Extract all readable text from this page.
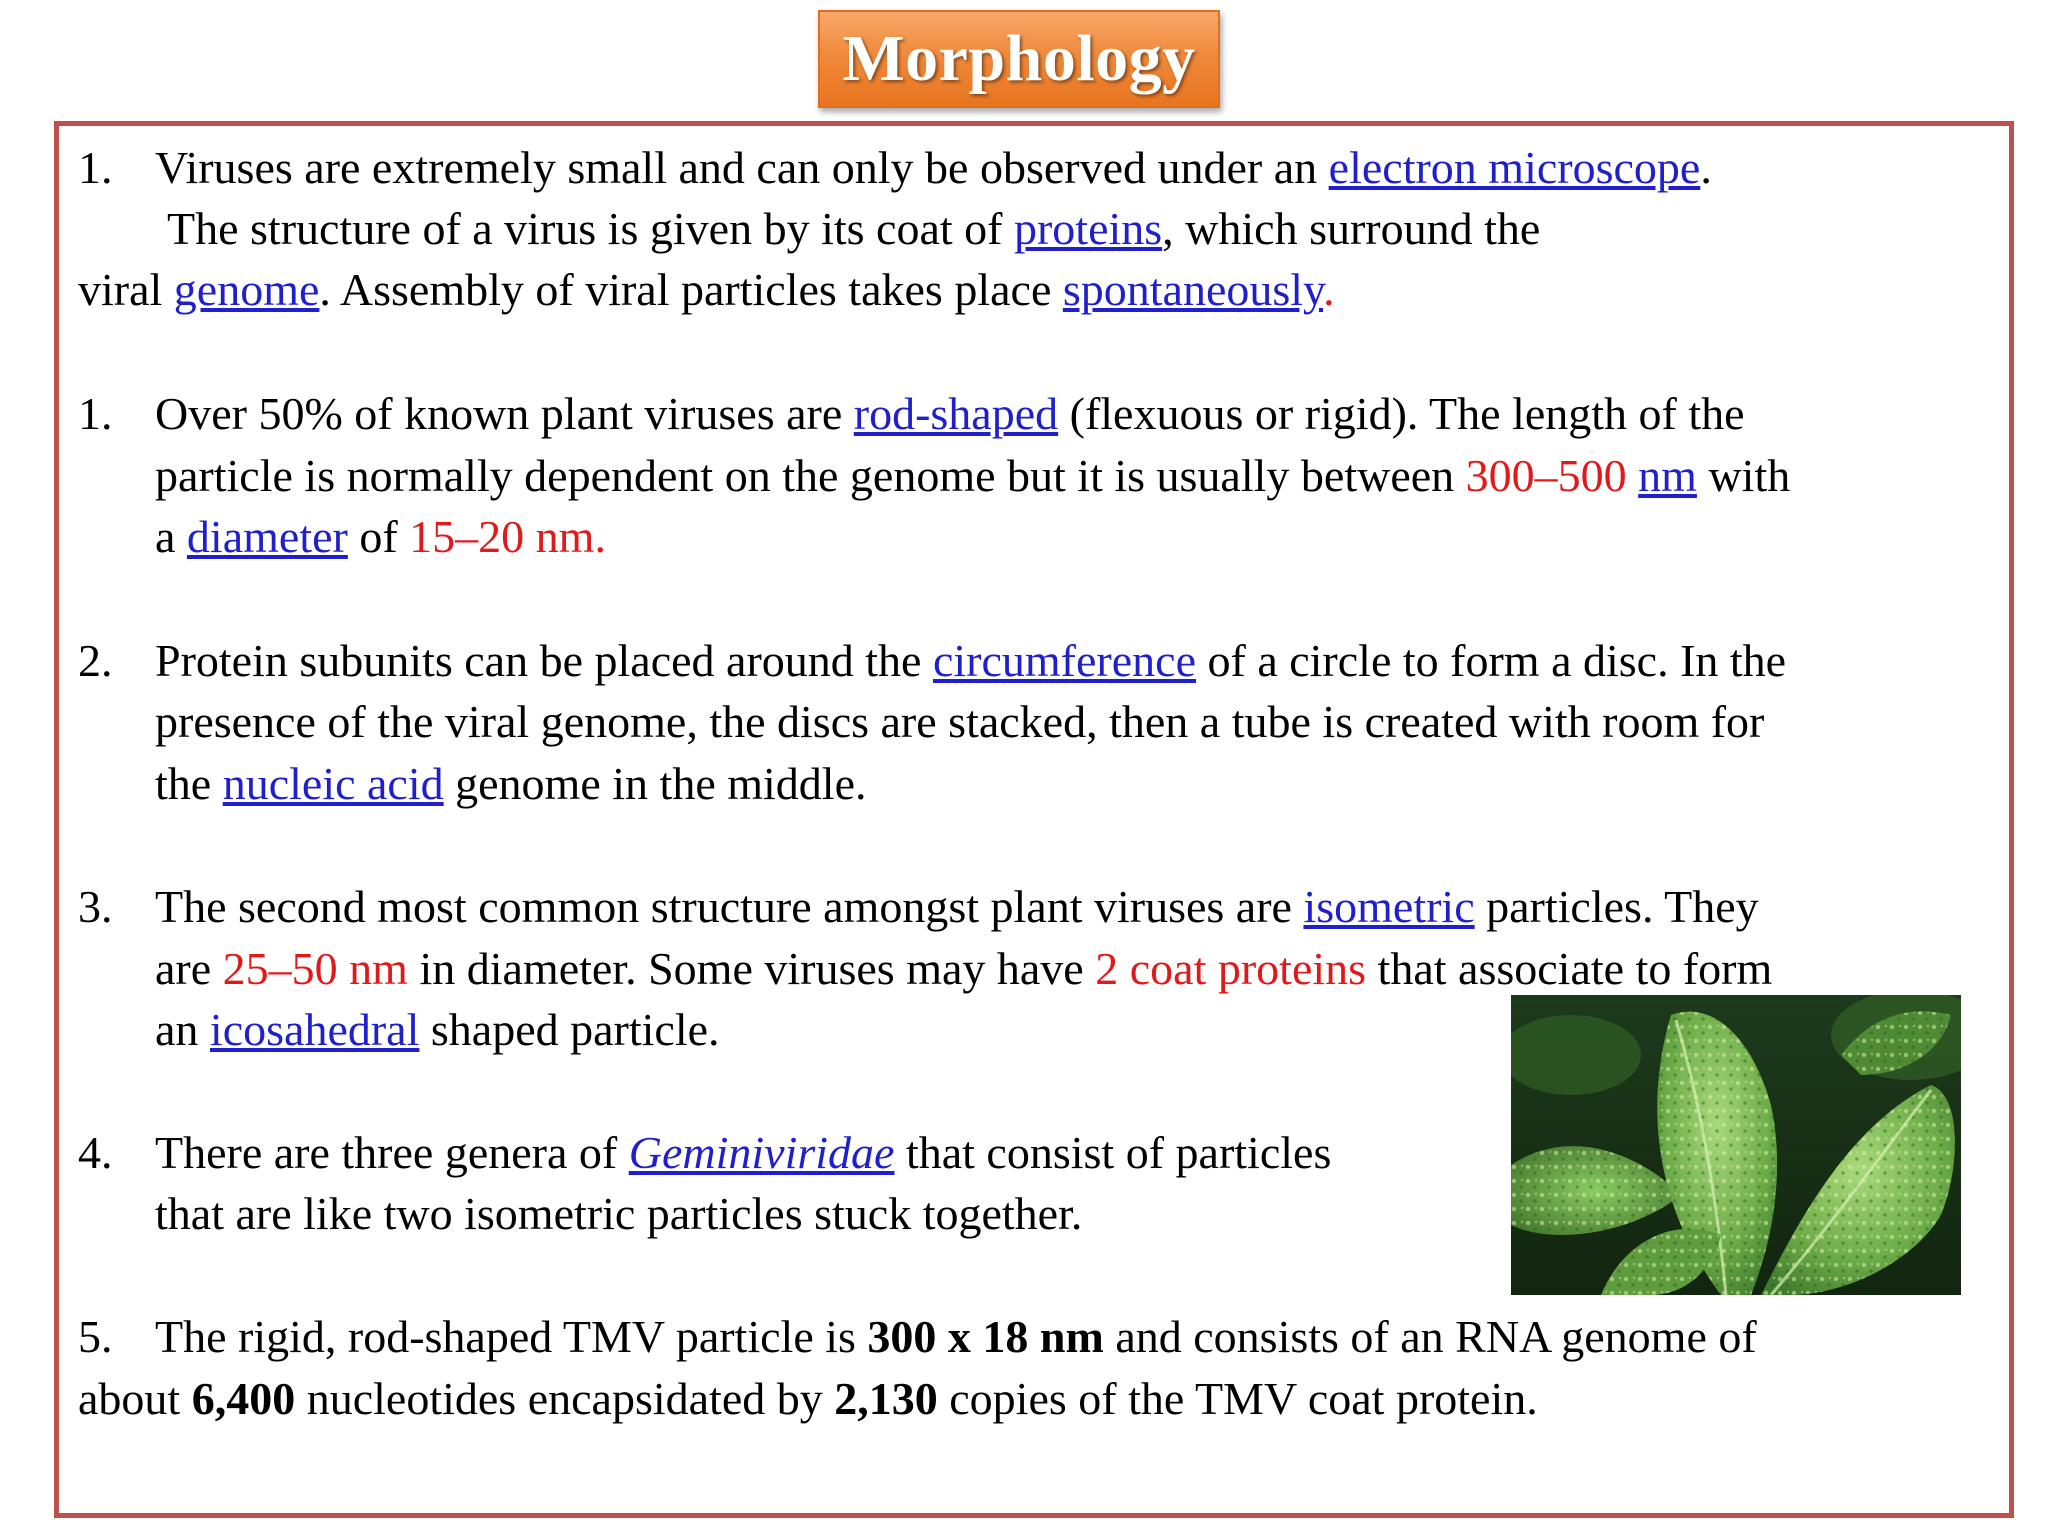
Morphology
1. Viruses are extremely small and can only be observed under an electron microscope.
The structure of a virus is given by its coat of proteins, which surround the
viral genome. Assembly of viral particles takes place spontaneously.
1. Over 50% of known plant viruses are rod-shaped (flexuous or rigid). The length of the
particle is normally dependent on the genome but it is usually between 300–500 nm with
a diameter of 15–20 nm.
2. Protein subunits can be placed around the circumference of a circle to form a disc. In the
presence of the viral genome, the discs are stacked, then a tube is created with room for
the nucleic acid genome in the middle.
3. The second most common structure amongst plant viruses are isometric particles. They
are 25–50 nm in diameter. Some viruses may have 2 coat proteins that associate to form
an icosahedral shaped particle.
4. There are three genera of Geminiviridae that consist of particles
that are like two isometric particles stuck together.
5. The rigid, rod-shaped TMV particle is 300 x 18 nm and consists of an RNA genome of
about 6,400 nucleotides encapsidated by 2,130 copies of the TMV coat protein.
